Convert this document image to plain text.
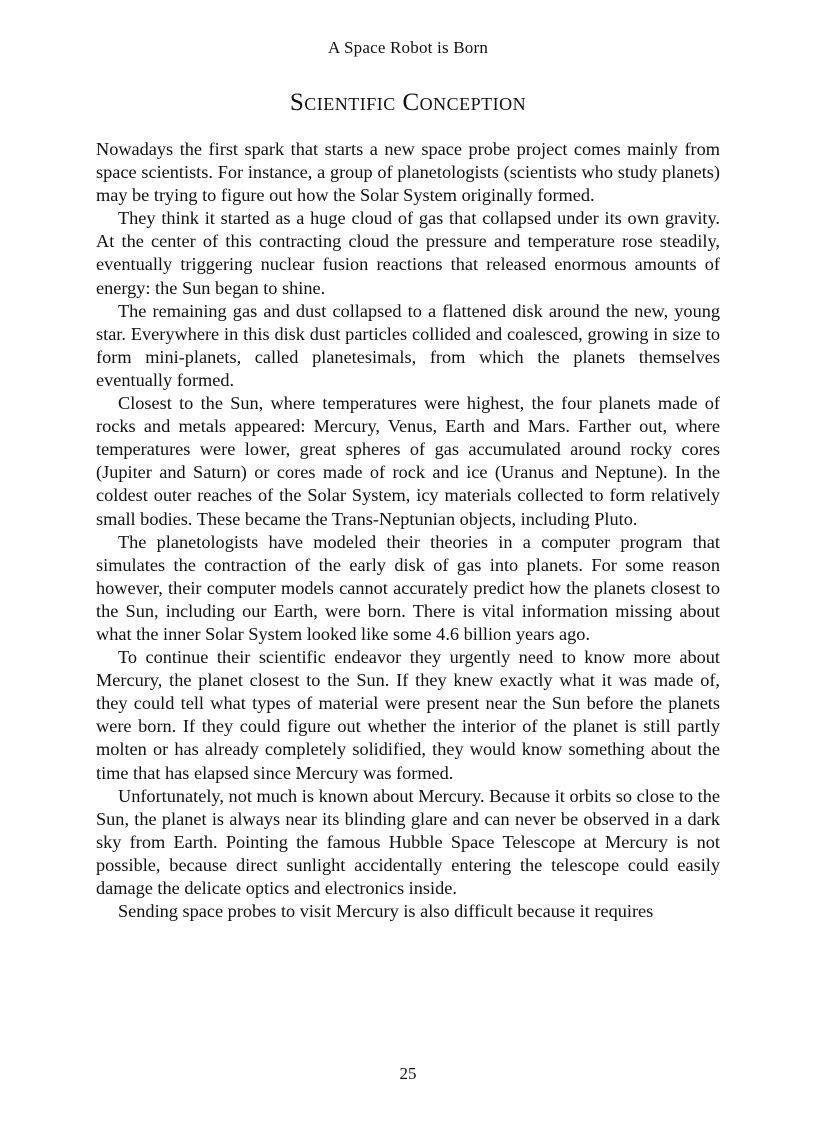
A Space Robot is Born
Scientific Conception

Nowadays the first spark that starts a new space probe project comes mainly from space scientists. For instance, a group of planetologists (scientists who study planets) may be trying to figure out how the Solar System originally formed.

They think it started as a huge cloud of gas that collapsed under its own gravity. At the center of this contracting cloud the pressure and temperature rose steadily, eventually triggering nuclear fusion reactions that released enormous amounts of energy: the Sun began to shine.

The remaining gas and dust collapsed to a flattened disk around the new, young star. Everywhere in this disk dust particles collided and coalesced, growing in size to form mini-planets, called planetesimals, from which the planets themselves eventually formed.

Closest to the Sun, where temperatures were highest, the four planets made of rocks and metals appeared: Mercury, Venus, Earth and Mars. Farther out, where temperatures were lower, great spheres of gas accumulated around rocky cores (Jupiter and Saturn) or cores made of rock and ice (Uranus and Neptune). In the coldest outer reaches of the Solar System, icy materials collected to form relatively small bodies. These became the Trans-Neptunian objects, including Pluto.

The planetologists have modeled their theories in a computer program that simulates the contraction of the early disk of gas into planets. For some reason however, their computer models cannot accurately predict how the planets closest to the Sun, including our Earth, were born. There is vital information missing about what the inner Solar System looked like some 4.6 billion years ago.

To continue their scientific endeavor they urgently need to know more about Mercury, the planet closest to the Sun. If they knew exactly what it was made of, they could tell what types of material were present near the Sun before the planets were born. If they could figure out whether the interior of the planet is still partly molten or has already completely solidified, they would know something about the time that has elapsed since Mercury was formed.

Unfortunately, not much is known about Mercury. Because it orbits so close to the Sun, the planet is always near its blinding glare and can never be observed in a dark sky from Earth. Pointing the famous Hubble Space Telescope at Mercury is not possible, because direct sunlight accidentally entering the telescope could easily damage the delicate optics and electronics inside.

Sending space probes to visit Mercury is also difficult because it requires

25
